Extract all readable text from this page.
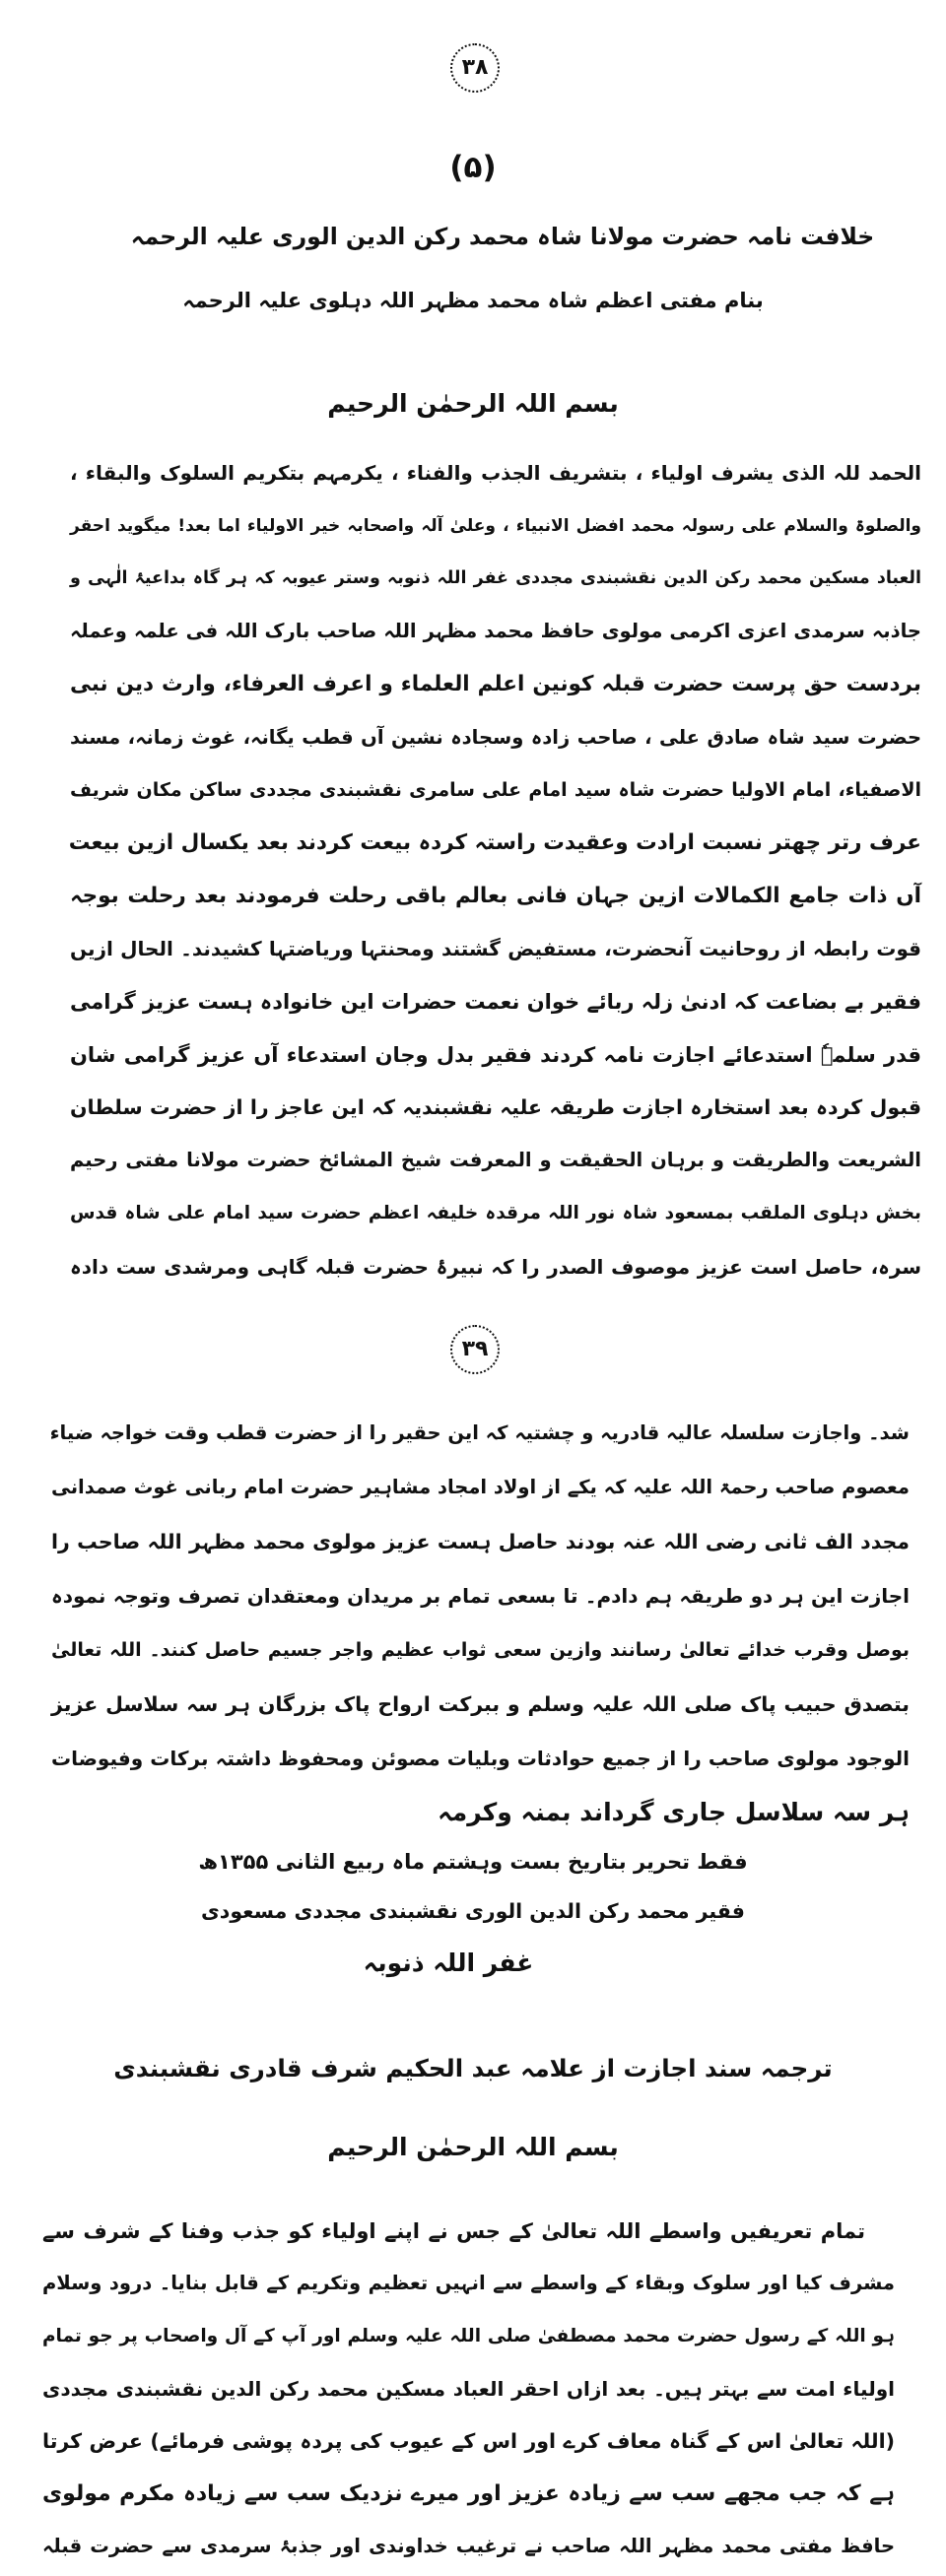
۳۸
(۵)
خلافت نامہ حضرت مولانا شاہ محمد رکن الدین الوری علیہ الرحمہ
بنام مفتی اعظم شاہ محمد مظہر اللہ دہلوی علیہ الرحمہ
بسم اللہ الرحمٰن الرحیم
الحمد للہ الذی یشرف اولیاء ، بتشریف الجذب والفناء ، یکرمہم بتکریم السلوک والبقاء ،
والصلوۃ والسلام علی رسولہ محمد افضل الانبیاء ، وعلیٰ آلہ واصحابہ خیر الاولیاء اما بعد! میگوید احقر
العباد مسکین محمد رکن الدین نقشبندی مجددی غفر اللہ ذنوبہ وستر عیوبہ کہ ہر گاہ بداعیۂ الٰہی و
جاذبہ سرمدی اعزی اکرمی مولوی حافظ محمد مظہر اللہ صاحب بارک اللہ فی علمہ وعملہ
بردست حق پرست حضرت قبلہ کونین اعلم العلماء و اعرف العرفاء، وارث دین نبی
حضرت سید شاہ صادق علی ، صاحب زادہ وسجادہ نشین آں قطب یگانہ، غوث زمانہ، مسند
الاصفیاء، امام الاولیا حضرت شاہ سید امام علی سامری نقشبندی مجددی ساکن مکان شریف
عرف رتر چھتر نسبت ارادت وعقیدت راستہ کردہ بیعت کردند بعد یکسال ازین بیعت
آں ذات جامع الکمالات ازین جہان فانی بعالم باقی رحلت فرمودند بعد رحلت بوجہ
قوت رابطہ از روحانیت آنحضرت، مستفیض گشتند ومحنتہا وریاضتہا کشیدند۔ الحال ازیں
فقیر بے بضاعت کہ ادنیٰ زلہ ربائے خوان نعمت حضرات این خانوادہ ہست عزیز گرامی
قدر سلمہٗ استدعائے اجازت نامہ کردند فقیر بدل وجان استدعاء آں عزیز گرامی شان
قبول کردہ بعد استخارہ اجازت طریقہ علیہ نقشبندیہ کہ این عاجز را از حضرت سلطان
الشریعت والطریقت و برہان الحقیقت و المعرفت شیخ المشائخ حضرت مولانا مفتی رحیم
بخش دہلوی الملقب بمسعود شاہ نور اللہ مرقدہ خلیفہ اعظم حضرت سید امام علی شاہ قدس
سرہ، حاصل است عزیز موصوف الصدر را کہ نبیرۂ حضرت قبلہ گاہی ومرشدی ست دادہ
۳۹
شد۔ واجازت سلسلہ عالیہ قادریہ و چشتیہ کہ این حقیر را از حضرت قطب وقت خواجہ ضیاء
معصوم صاحب رحمۃ اللہ علیہ کہ یکے از اولاد امجاد مشاہیر حضرت امام ربانی غوث صمدانی
مجدد الف ثانی رضی اللہ عنہ بودند حاصل ہست عزیز مولوی محمد مظہر اللہ صاحب را
اجازت این ہر دو طریقہ ہم دادم۔ تا بسعی تمام بر مریدان ومعتقدان تصرف وتوجہ نمودہ
بوصل وقرب خدائے تعالیٰ رسانند وازین سعی ثواب عظیم واجر جسیم حاصل کنند۔ اللہ تعالیٰ
بتصدق حبیب پاک صلی اللہ علیہ وسلم و ببرکت ارواح پاک بزرگان ہر سہ سلاسل عزیز
الوجود مولوی صاحب را از جمیع حوادثات وبلیات مصوئن ومحفوظ داشتہ برکات وفیوضات
ہر سہ سلاسل جاری گرداند بمنہ وکرمہ
فقط تحریر بتاریخ بست وہشتم ماہ ربیع الثانی ۱۳۵۵ھ
فقیر محمد رکن الدین الوری نقشبندی مجددی مسعودی
غفر اللہ ذنوبہ
ترجمہ سند اجازت از علامہ عبد الحکیم شرف قادری نقشبندی
بسم اللہ الرحمٰن الرحیم
تمام تعریفیں واسطے اللہ تعالیٰ کے جس نے اپنے اولیاء کو جذب وفنا کے شرف سے
مشرف کیا اور سلوک وبقاء کے واسطے سے انہیں تعظیم وتکریم کے قابل بنایا۔ درود وسلام
ہو اللہ کے رسول حضرت محمد مصطفیٰ صلی اللہ علیہ وسلم اور آپ کے آل واصحاب پر جو تمام
اولیاء امت سے بہتر ہیں۔ بعد ازاں احقر العباد مسکین محمد رکن الدین نقشبندی مجددی
(اللہ تعالیٰ اس کے گناہ معاف کرے اور اس کے عیوب کی پردہ پوشی فرمائے) عرض کرتا
ہے کہ جب مجھے سب سے زیادہ عزیز اور میرے نزدیک سب سے زیادہ مکرم مولوی
حافظ مفتی محمد مظہر اللہ صاحب نے ترغیب خداوندی اور جذبۂ سرمدی سے حضرت قبلہ
